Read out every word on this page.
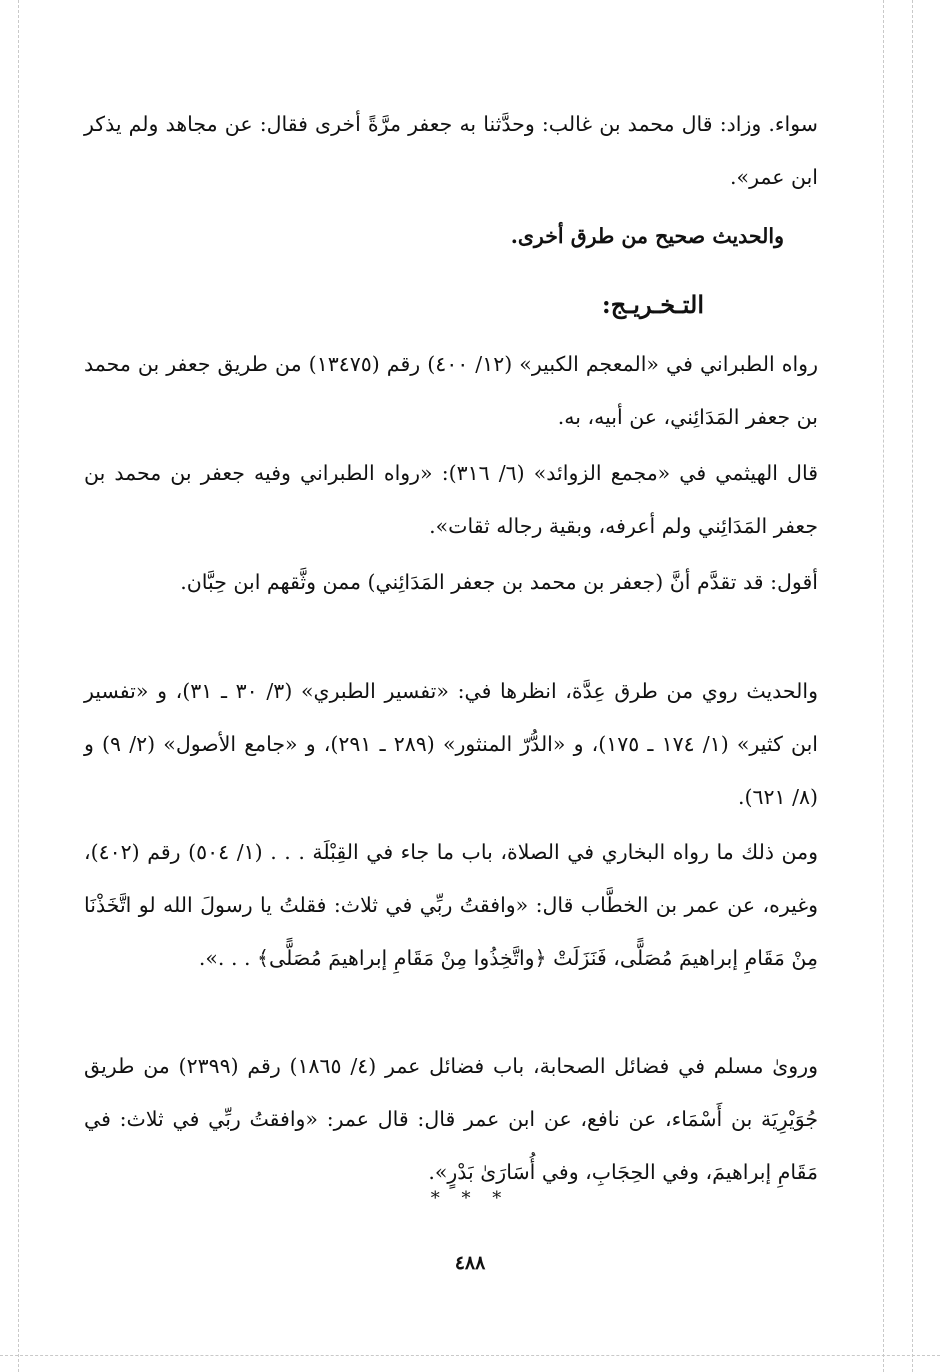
سواء. وزاد: قال محمد بن غالب: وحدَّثنا به جعفر مرَّةً أخرى فقال: عن مجاهد ولم يذكر ابن عمر».
والحديث صحيح من طرق أخرى.
التـخـريـج:
رواه الطبراني في «المعجم الكبير» (١٢/ ٤٠٠) رقم (١٣٤٧٥) من طريق جعفر بن محمد بن جعفر المَدَائِني، عن أبيه، به.
قال الهيثمي في «مجمع الزوائد» (٦/ ٣١٦): «رواه الطبراني وفيه جعفر بن محمد بن جعفر المَدَائِني ولم أعرفه، وبقية رجاله ثقات».
أقول: قد تقدَّم أنَّ (جعفر بن محمد بن جعفر المَدَائِني) ممن وثَّقهم ابن حِبَّان.
والحديث روي من طرق عِدَّة، انظرها في: «تفسير الطبري» (٣/ ٣٠ ـ ٣١)، و «تفسير ابن كثير» (١/ ١٧٤ ـ ١٧٥)، و «الدُّرّ المنثور» (٢٨٩ ـ ٢٩١)، و «جامع الأصول» (٢/ ٩) و (٨/ ٦٢١).
ومن ذلك ما رواه البخاري في الصلاة، باب ما جاء في القِبْلَة . . . (١/ ٥٠٤) رقم (٤٠٢)، وغيره، عن عمر بن الخطَّاب قال: «وافقتُ ربِّي في ثلاث: فقلتُ يا رسولَ الله لو اتَّخَذْنَا مِنْ مَقَامِ إبراهيمَ مُصَلًّى، فَنَزَلَتْ ﴿واتَّخِذُوا مِنْ مَقَامِ إبراهيمَ مُصَلًّى﴾ . . .».
وروىٰ مسلم في فضائل الصحابة، باب فضائل عمر (٤/ ١٨٦٥) رقم (٢٣٩٩) من طريق جُوَيْرِيَة بن أَسْمَاء، عن نافع، عن ابن عمر قال: قال عمر: «وافقتُ ربِّي في ثلاث: في مَقَامِ إبراهيمَ، وفي الحِجَابِ، وفي أُسَارَىٰ بَدْرٍ».
* * *
٤٨٨
